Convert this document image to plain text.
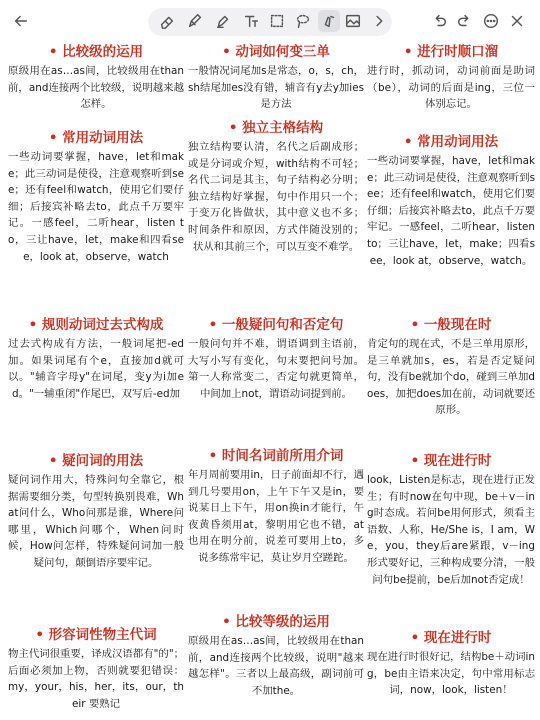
• 比较级的运用
原级用在as…as间，比较级用在than前，and连接两个比较级，说明越来越怎样。
• 常用动词用法
一些动词要掌握，have，let和make；此三动词是使役，注意观察听到see；还有feel和watch，使用它们要仔细；后接宾补略去to，此点千万要牢记。一感feel，二听hear，listen to，三让have，let，make和四看see，look at，observe，watch
• 规则动词过去式构成
过去式构成有方法，一般词尾把-ed加。如果词尾有个e，直接加d就可以。"辅音字母y"在词尾，变y为i加ed。"一辅重闭"作尾巴，双写后-ed加
• 疑问词的用法
疑问词作用大，特殊问句全靠它，根据需要细分类，句型转换别畏难，What问什么，Who问那是谁，Where问哪里，Which问哪个，When问时候，How问怎样，特殊疑问词加一般疑问句，颠倒语序要牢记。
• 形容词性物主代词
物主代词很重要，译成汉语都有"的"；后面必须加上物，否则就要犯错误：my，your，his，her，its，our，their 要熟记
• 动词如何变三单
一般情况词尾加s是常态，o，s，ch，sh结尾加es没有错，辅音有y去y加ies是方法
• 独立主格结构
独立结构要认清，名代之后副成形；或是分词或介短，with结构不可轻；名代二词是其主，句子结构必分明；独立结构好掌握，句中作用只一个；于变万化皆做状，其中意义也不多；时间条件和原因，方式伴随没别的；状从和其前三个，可以互变不难学。
• 一般疑问句和否定句
一般问句并不难，谓语调到主语前，大写小写有变化，句末要把问号加。第一人称常变二，否定句就更简单，中间加上not，谓语动词提到前。
• 时间名词前所用介词
年月周前要用in，日子前面却不行，遇到几号要用on，上午下午又是in，要说某日上下午，用on换in才能行，午夜黄昏须用at，黎明用它也不错，at也用在明分前，说差可要用上to，多说多练常牢记，莫让岁月空蹉跎。
• 比较等级的运用
原级用在as…as间，比较级用在than前，and连接两个比较级，说明"越来越怎样"。三者以上最高级，副词前可不加the。
• 进行时顺口溜
进行时，抓动词，动词前面是助词（be），动词的后面是ing，三位一体别忘记。
• 常用动词用法
一些动词要掌握，have，let和make；此三动词是使役，注意观察听到see；还有feel和watch，使用它们要仔细；后接宾补略去to，此点千万要牢记。一感feel，二听hear，listen to；三让have，let，make；四看see，look at，observe，watch。
• 一般现在时
肯定句的现在式，不是三单用原形，是三单就加s，es，若是否定疑问句，没有be就加个do，碰到三单加does，加把does加在前，动词就要还原形。
• 现在进行时
look，Listen是标志，现在进行正发生；有时now在句中现，be＋v－ing时态成。若问be用何形式，须看主语数、人称，He/She is，I am，We，you，they后are紧跟，v－ing形式要好记，三种构成要分清，一般问句be提前，be后加not否定成！
• 现在进行时
现在进行时很好记，结构be＋动词ing，be由主语来决定，句中常用标志词，now，look，listen！
